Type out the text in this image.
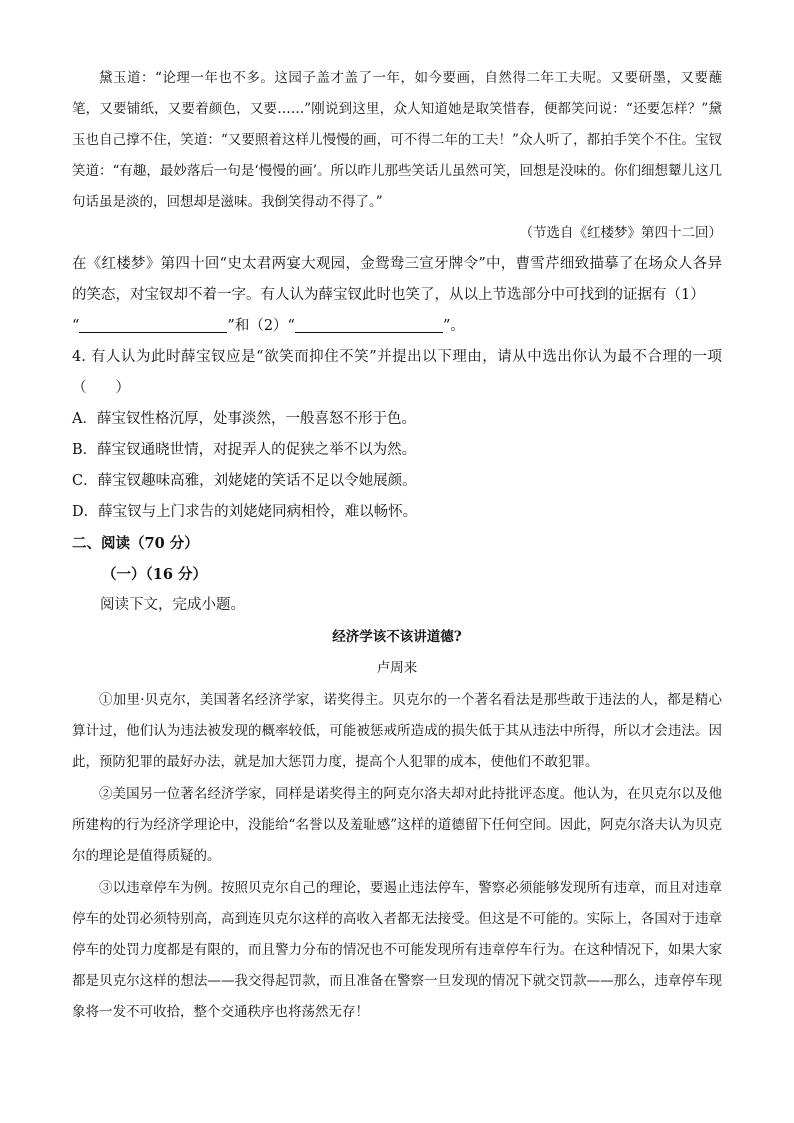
黛玉道：“论理一年也不多。这园子盖才盖了一年，如今要画，自然得二年工夫呢。又要研墨，又要蘸笔，又要铺纸，又要着颜色，又要……”刚说到这里，众人知道她是取笑惜春，便都笑问说：“还要怎样？”黛玉也自己撑不住，笑道：“又要照着这样儿慢慢的画，可不得二年的工夫！”众人听了，都拍手笑个不住。宝钗笑道：“有趣，最妙落后一句是‘慢慢的画’。所以昨儿那些笑话儿虽然可笑，回想是没味的。你们细想颦儿这几句话虽是淡的，回想却是滋味。我倒笑得动不得了。”

（节选自《红楼梦》第四十二回）

在《红楼梦》第四十回“史太君两宴大观园，金鸳鸯三宣牙牌令”中，曹雪芹细致描摹了在场众人各异的笑态，对宝钗却不着一字。有人认为薛宝钗此时也笑了，从以上节选部分中可找到的证据有（1）
“	”和（2）“	”。

4. 有人认为此时薛宝钗应是“欲笑而抑住不笑”并提出以下理由，请从中选出你认为最不合理的一项（　　）

A．薛宝钗性格沉厚，处事淡然，一般喜怒不形于色。

B．薛宝钗通晓世情，对捉弄人的促狭之举不以为然。

C．薛宝钗趣味高雅，刘姥姥的笑话不足以令她展颜。

D．薛宝钗与上门求告的刘姥姥同病相怜，难以畅怀。

二、阅读（70 分）

（一）（16 分）

阅读下文，完成小题。

经济学该不该讲道德?

卢周来

①加里·贝克尔，美国著名经济学家，诺奖得主。贝克尔的一个著名看法是那些敢于违法的人，都是精心算计过，他们认为违法被发现的概率较低，可能被惩戒所造成的损失低于其从违法中所得，所以才会违法。因此，预防犯罪的最好办法，就是加大惩罚力度，提高个人犯罪的成本，使他们不敢犯罪。

②美国另一位著名经济学家，同样是诺奖得主的阿克尔洛夫却对此持批评态度。他认为，在贝克尔以及他所建构的行为经济学理论中，没能给“名誉以及羞耻感”这样的道德留下任何空间。因此，阿克尔洛夫认为贝克尔的理论是值得质疑的。

③以违章停车为例。按照贝克尔自己的理论，要遏止违法停车，警察必须能够发现所有违章，而且对违章停车的处罚必须特别高，高到连贝克尔这样的高收入者都无法接受。但这是不可能的。实际上，各国对于违章停车的处罚力度都是有限的，而且警力分布的情况也不可能发现所有违章停车行为。在这种情况下，如果大家都是贝克尔这样的想法——我交得起罚款，而且准备在警察一旦发现的情况下就交罚款——那么，违章停车现象将一发不可收拾，整个交通秩序也将荡然无存！
